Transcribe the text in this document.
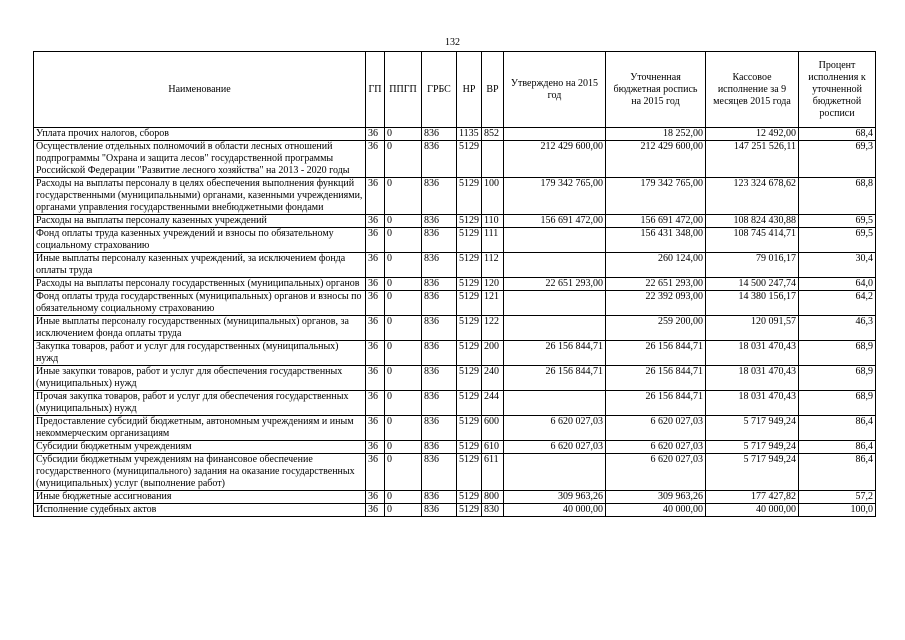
132
Наименование	ГП	ППГП	ГРБС	НР	ВР	Утверждено на 2015 год	Уточненная бюджетная роспись на 2015 год	Кассовое исполнение за 9 месяцев 2015 года	Процент исполнения к уточненной бюджетной росписи
Уплата прочих налогов, сборов	36	0	836	1135	852		18 252,00	12 492,00	68,4
Осуществление отдельных полномочий в области лесных отношений подпрограммы "Охрана и защита лесов" государственной программы Российской Федерации "Развитие лесного хозяйства" на 2013 - 2020 годы	36	0	836	5129		212 429 600,00	212 429 600,00	147 251 526,11	69,3
Расходы на выплаты персоналу в целях обеспечения выполнения функций государственными (муниципальными) органами, казенными учреждениями, органами управления государственными внебюджетными фондами	36	0	836	5129	100	179 342 765,00	179 342 765,00	123 324 678,62	68,8
Расходы на выплаты персоналу казенных учреждений	36	0	836	5129	110	156 691 472,00	156 691 472,00	108 824 430,88	69,5
Фонд оплаты труда казенных учреждений и взносы по обязательному социальному страхованию	36	0	836	5129	111		156 431 348,00	108 745 414,71	69,5
Иные выплаты персоналу казенных учреждений, за исключением фонда оплаты труда	36	0	836	5129	112		260 124,00	79 016,17	30,4
Расходы на выплаты персоналу государственных (муниципальных) органов	36	0	836	5129	120	22 651 293,00	22 651 293,00	14 500 247,74	64,0
Фонд оплаты труда государственных (муниципальных) органов и взносы по обязательному социальному страхованию	36	0	836	5129	121		22 392 093,00	14 380 156,17	64,2
Иные выплаты персоналу государственных (муниципальных) органов, за исключением фонда оплаты труда	36	0	836	5129	122		259 200,00	120 091,57	46,3
Закупка товаров, работ и услуг для государственных (муниципальных) нужд	36	0	836	5129	200	26 156 844,71	26 156 844,71	18 031 470,43	68,9
Иные закупки товаров, работ и услуг для обеспечения государственных (муниципальных) нужд	36	0	836	5129	240	26 156 844,71	26 156 844,71	18 031 470,43	68,9
Прочая закупка товаров, работ и услуг для обеспечения государственных (муниципальных) нужд	36	0	836	5129	244		26 156 844,71	18 031 470,43	68,9
Предоставление субсидий бюджетным, автономным учреждениям и иным некоммерческим организациям	36	0	836	5129	600	6 620 027,03	6 620 027,03	5 717 949,24	86,4
Субсидии бюджетным учреждениям	36	0	836	5129	610	6 620 027,03	6 620 027,03	5 717 949,24	86,4
Субсидии бюджетным учреждениям на финансовое обеспечение государственного (муниципального) задания на оказание государственных (муниципальных) услуг (выполнение работ)	36	0	836	5129	611		6 620 027,03	5 717 949,24	86,4
Иные бюджетные ассигнования	36	0	836	5129	800	309 963,26	309 963,26	177 427,82	57,2
Исполнение судебных актов	36	0	836	5129	830	40 000,00	40 000,00	40 000,00	100,0
